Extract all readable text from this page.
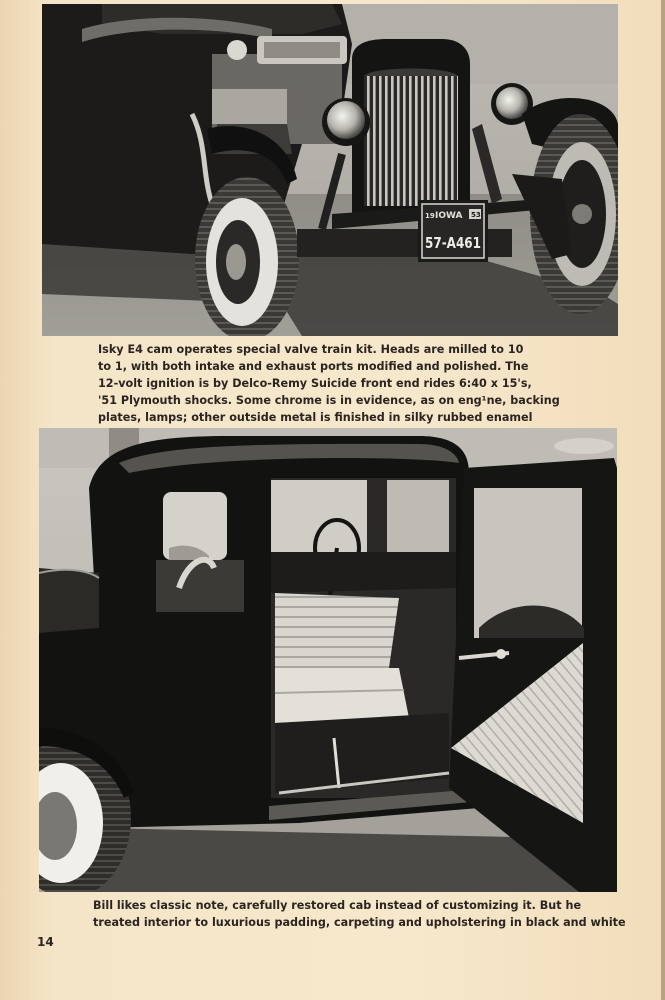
19 IOWA 53
57-A461

Isky E4 cam operates special valve train kit. Heads are milled to 10
to 1, with both intake and exhaust ports modified and polished. The
12-volt ignition is by Delco-Remy Suicide front end rides 6:40 x 15's,
'51 Plymouth shocks. Some chrome is in evidence, as on eng¹ne, backing
plates, lamps; other outside metal is finished in silky rubbed enamel

Bill likes classic note, carefully restored cab instead of customizing it. But he
treated interior to luxurious padding, carpeting and upholstering in black and white

14
